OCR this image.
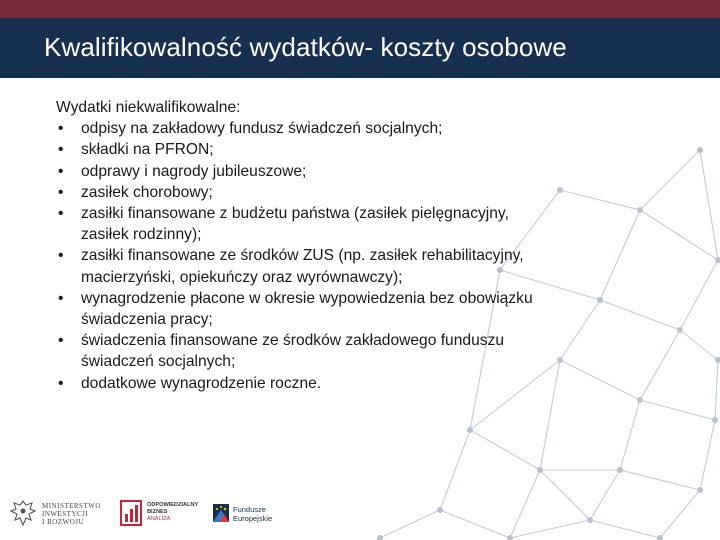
Kwalifikowalność wydatków- koszty osobowe
Wydatki niekwalifikowalne:
• odpisy na zakładowy fundusz świadczeń socjalnych;
• składki na PFRON;
• odprawy i nagrody jubileuszowe;
• zasiłek chorobowy;
• zasiłki finansowane z budżetu państwa (zasiłek pielęgnacyjny,
zasiłek rodzinny);
• zasiłki finansowane ze środków ZUS (np. zasiłek rehabilitacyjny,
macierzyński, opiekuńczy oraz wyrównawczy);
• wynagrodzenie płacone w okresie wypowiedzenia bez obowiązku
świadczenia pracy;
• świadczenia finansowane ze środków zakładowego funduszu
świadczeń socjalnych;
• dodatkowe wynagrodzenie roczne.
MINISTERSTWO
INWESTYCJI
I ROZWOJU
ODPOWIEDZIALNY
BIZNES
ANALIZA
Fundusze
Europejskie
